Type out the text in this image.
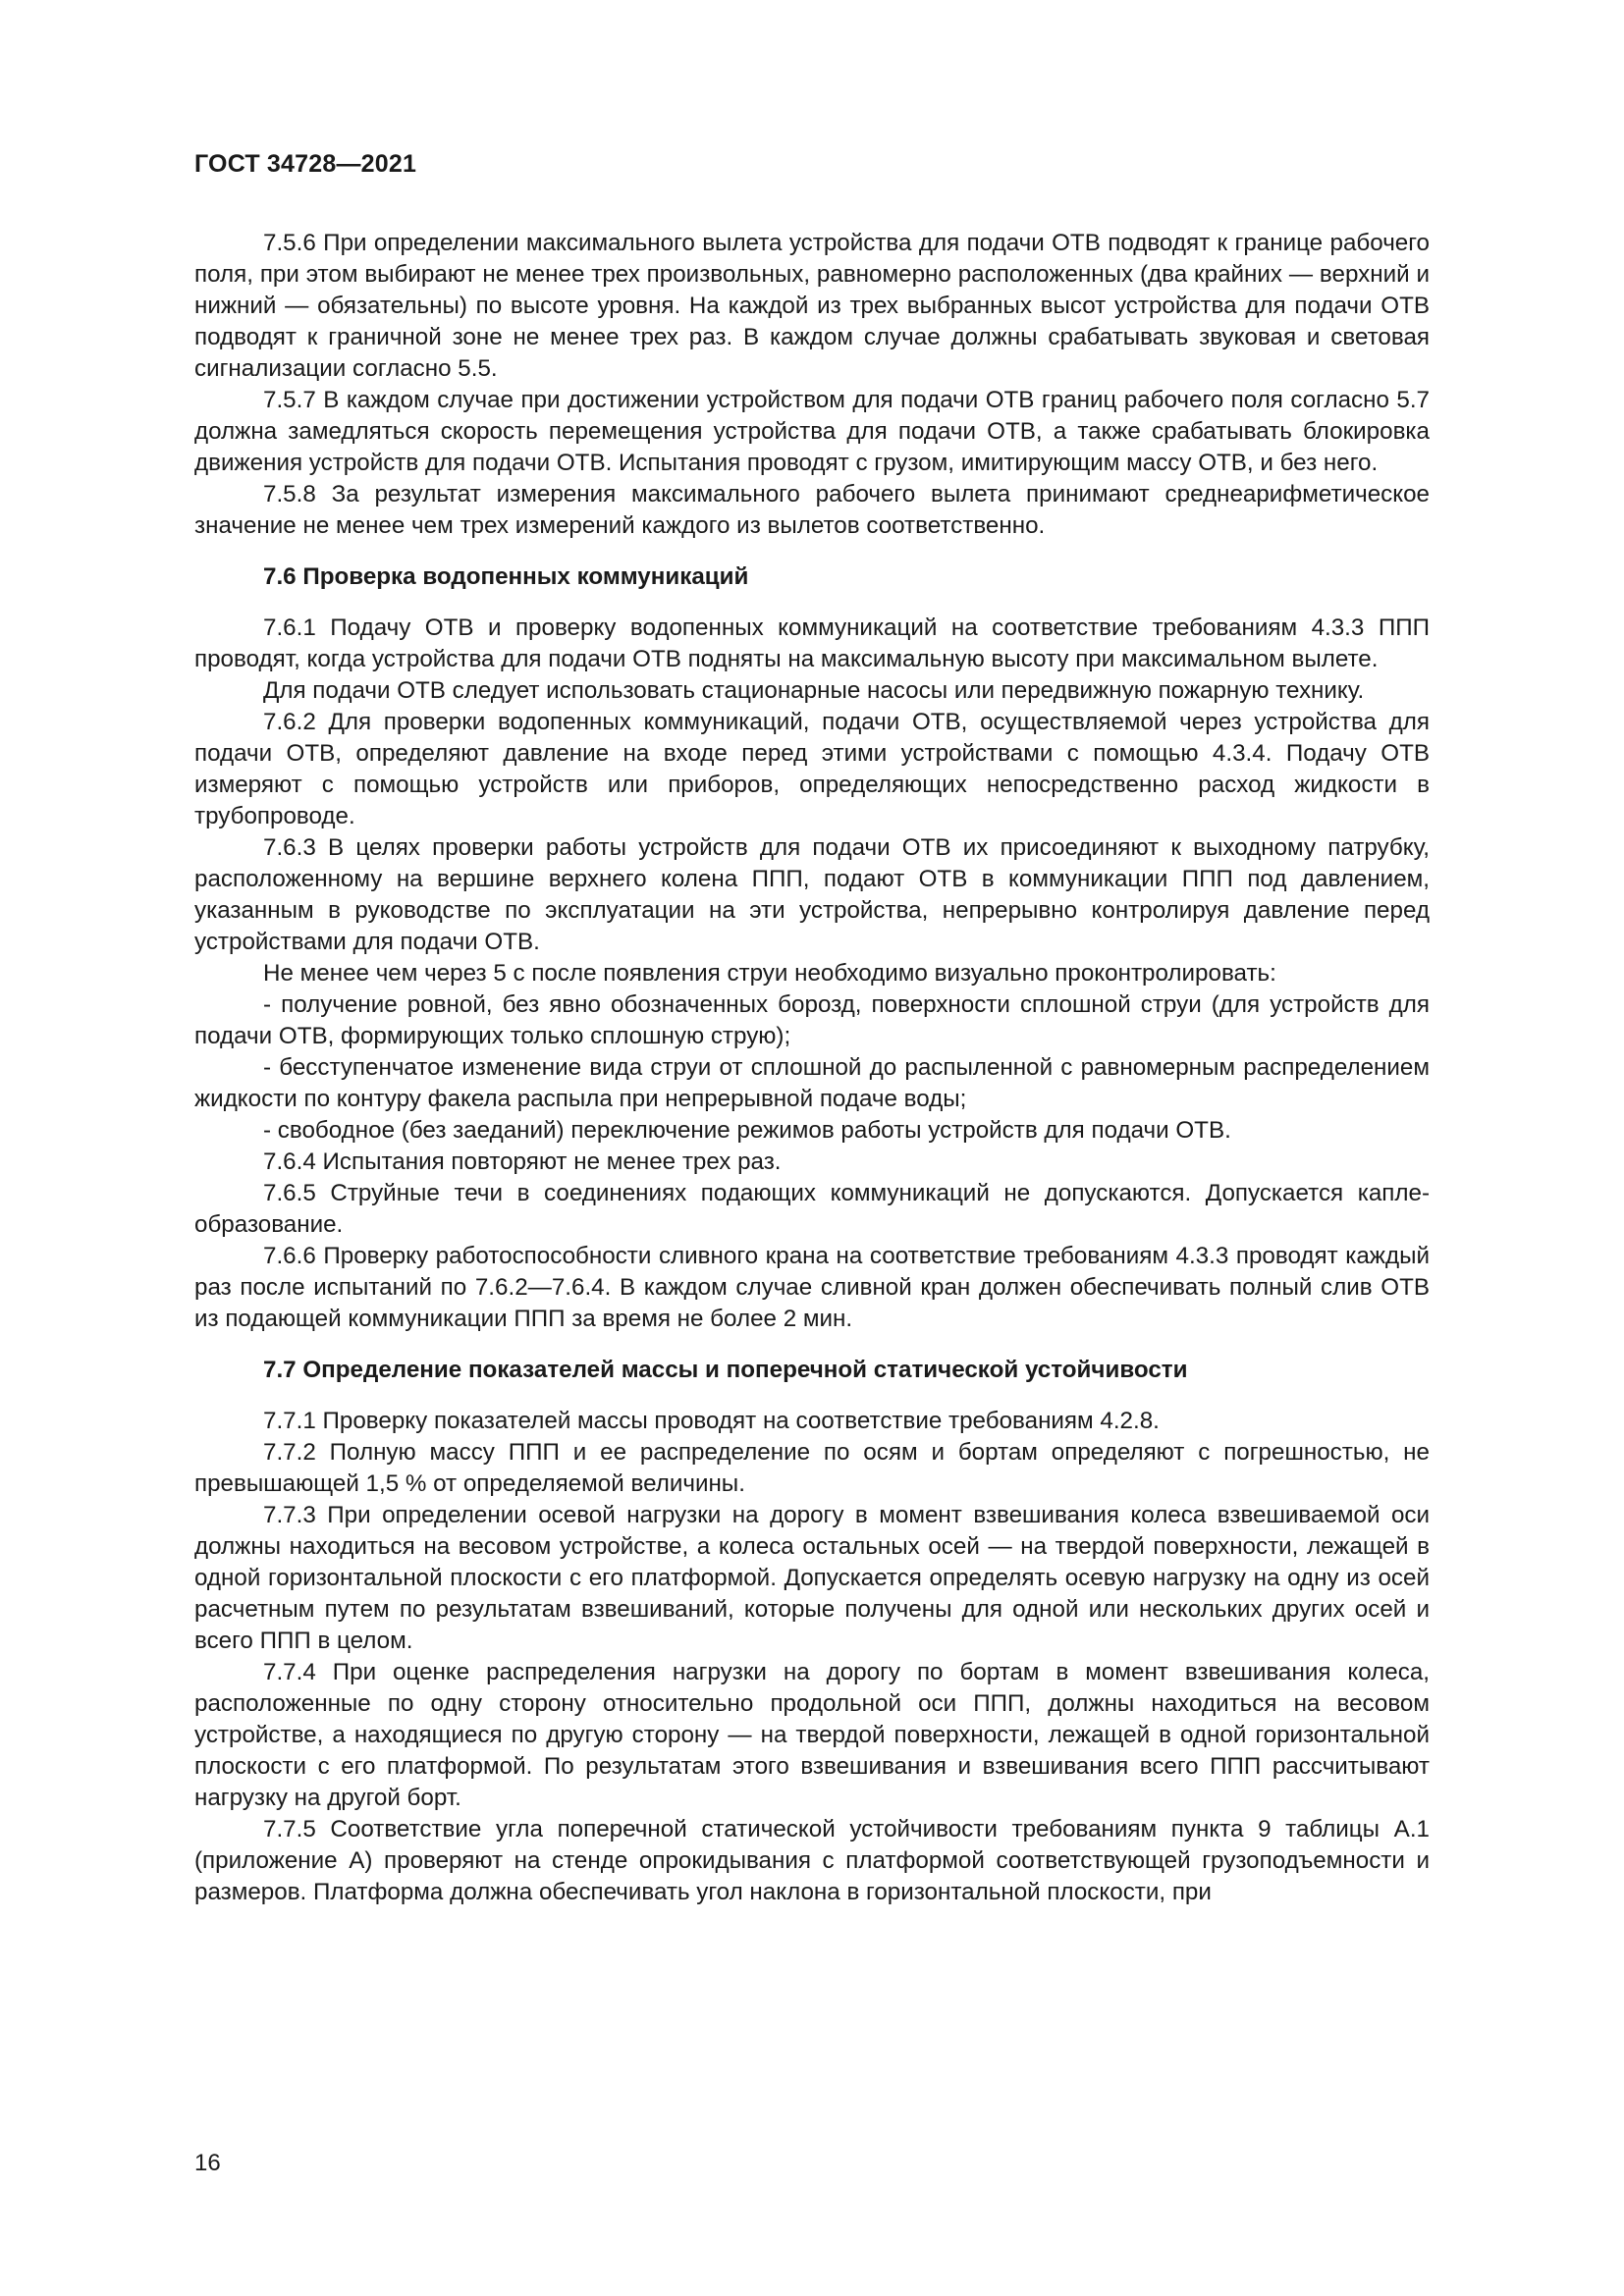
ГОСТ 34728—2021

7.5.6 При определении максимального вылета устройства для подачи ОТВ подводят к границе рабочего поля, при этом выбирают не менее трех произвольных, равномерно расположенных (два крайних — верхний и нижний — обязательны) по высоте уровня. На каждой из трех выбранных высот устройства для подачи ОТВ подводят к граничной зоне не менее трех раз. В каждом случае должны срабатывать звуковая и световая сигнализации согласно 5.5.

7.5.7 В каждом случае при достижении устройством для подачи ОТВ границ рабочего поля согласно 5.7 должна замедляться скорость перемещения устройства для подачи ОТВ, а также срабатывать блокировка движения устройств для подачи ОТВ. Испытания проводят с грузом, имитирующим массу ОТВ, и без него.

7.5.8 За результат измерения максимального рабочего вылета принимают среднеарифметическое значение не менее чем трех измерений каждого из вылетов соответственно.

7.6 Проверка водопенных коммуникаций

7.6.1 Подачу ОТВ и проверку водопенных коммуникаций на соответствие требованиям 4.3.3 ППП проводят, когда устройства для подачи ОТВ подняты на максимальную высоту при максимальном вылете.

Для подачи ОТВ следует использовать стационарные насосы или передвижную пожарную технику.

7.6.2 Для проверки водопенных коммуникаций, подачи ОТВ, осуществляемой через устройства для подачи ОТВ, определяют давление на входе перед этими устройствами с помощью 4.3.4. Подачу ОТВ измеряют с помощью устройств или приборов, определяющих непосредственно расход жидкости в трубопроводе.

7.6.3 В целях проверки работы устройств для подачи ОТВ их присоединяют к выходному патрубку, расположенному на вершине верхнего колена ППП, подают ОТВ в коммуникации ППП под давлением, указанным в руководстве по эксплуатации на эти устройства, непрерывно контролируя давление перед устройствами для подачи ОТВ.

Не менее чем через 5 с после появления струи необходимо визуально проконтролировать:

- получение ровной, без явно обозначенных борозд, поверхности сплошной струи (для устройств для подачи ОТВ, формирующих только сплошную струю);

- бесступенчатое изменение вида струи от сплошной до распыленной с равномерным распределением жидкости по контуру факела распыла при непрерывной подаче воды;

- свободное (без заеданий) переключение режимов работы устройств для подачи ОТВ.

7.6.4 Испытания повторяют не менее трех раз.

7.6.5 Струйные течи в соединениях подающих коммуникаций не допускаются. Допускается каплеобразование.

7.6.6 Проверку работоспособности сливного крана на соответствие требованиям 4.3.3 проводят каждый раз после испытаний по 7.6.2—7.6.4. В каждом случае сливной кран должен обеспечивать полный слив ОТВ из подающей коммуникации ППП за время не более 2 мин.

7.7 Определение показателей массы и поперечной статической устойчивости

7.7.1 Проверку показателей массы проводят на соответствие требованиям 4.2.8.

7.7.2 Полную массу ППП и ее распределение по осям и бортам определяют с погрешностью, не превышающей 1,5 % от определяемой величины.

7.7.3 При определении осевой нагрузки на дорогу в момент взвешивания колеса взвешиваемой оси должны находиться на весовом устройстве, а колеса остальных осей — на твердой поверхности, лежащей в одной горизонтальной плоскости с его платформой. Допускается определять осевую нагрузку на одну из осей расчетным путем по результатам взвешиваний, которые получены для одной или нескольких других осей и всего ППП в целом.

7.7.4 При оценке распределения нагрузки на дорогу по бортам в момент взвешивания колеса, расположенные по одну сторону относительно продольной оси ППП, должны находиться на весовом устройстве, а находящиеся по другую сторону — на твердой поверхности, лежащей в одной горизонтальной плоскости с его платформой. По результатам этого взвешивания и взвешивания всего ППП рассчитывают нагрузку на другой борт.

7.7.5 Соответствие угла поперечной статической устойчивости требованиям пункта 9 таблицы А.1 (приложение А) проверяют на стенде опрокидывания с платформой соответствующей грузоподъемности и размеров. Платформа должна обеспечивать угол наклона в горизонтальной плоскости, при

16
